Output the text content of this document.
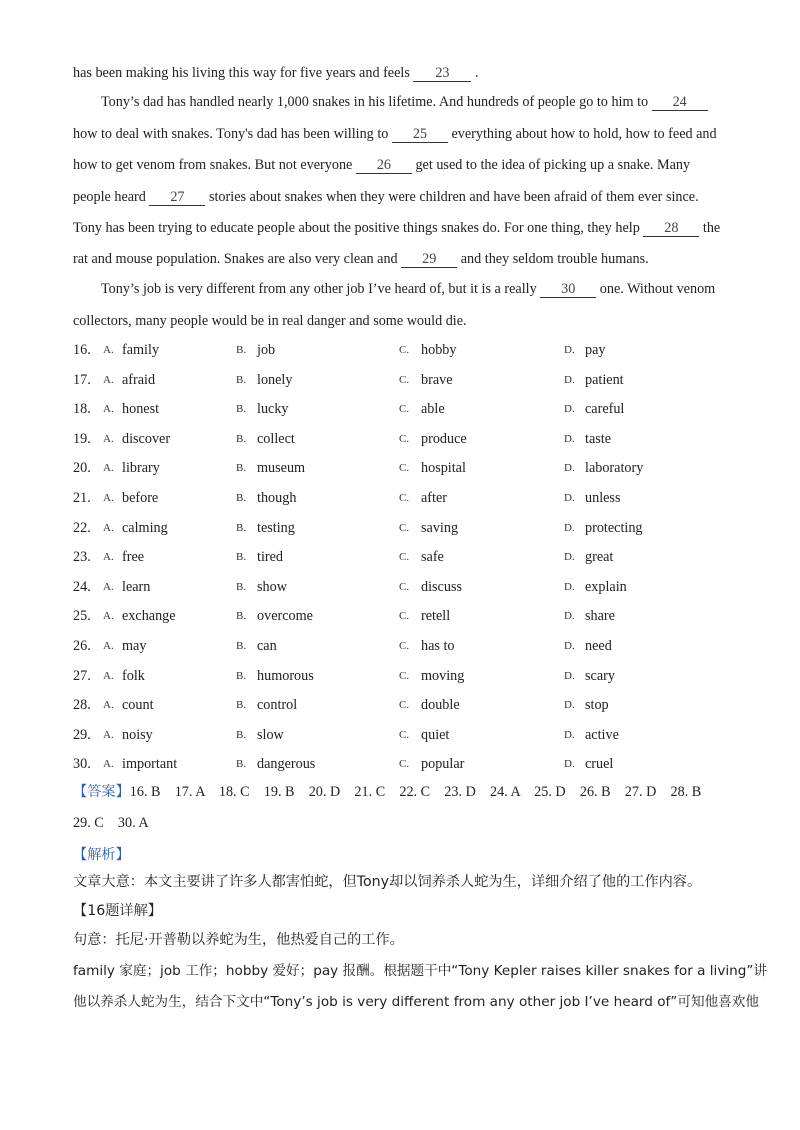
has been making his living this way for five years and feels 23 .
Tony’s dad has handled nearly 1,000 snakes in his lifetime. And hundreds of people go to him to 24
how to deal with snakes. Tony's dad has been willing to 25 everything about how to hold, how to feed and
how to get venom from snakes. But not everyone 26 get used to the idea of picking up a snake. Many
people heard 27 stories about snakes when they were children and have been afraid of them ever since.
Tony has been trying to educate people about the positive things snakes do. For one thing, they help 28 the
rat and mouse population. Snakes are also very clean and 29 and they seldom trouble humans.
Tony’s job is very different from any other job I’ve heard of, but it is a really 30 one. Without venom
collectors, many people would be in real danger and some would die.
16. A. family	B. job	C. hobby	D. pay
17. A. afraid	B. lonely	C. brave	D. patient
18. A. honest	B. lucky	C. able	D. careful
19. A. discover	B. collect	C. produce	D. taste
20. A. library	B. museum	C. hospital	D. laboratory
21. A. before	B. though	C. after	D. unless
22. A. calming	B. testing	C. saving	D. protecting
23. A. free	B. tired	C. safe	D. great
24. A. learn	B. show	C. discuss	D. explain
25. A. exchange	B. overcome	C. retell	D. share
26. A. may	B. can	C. has to	D. need
27. A. folk	B. humorous	C. moving	D. scary
28. A. count	B. control	C. double	D. stop
29. A. noisy	B. slow	C. quiet	D. active
30. A. important	B. dangerous	C. popular	D. cruel
【答案】16. B    17. A    18. C    19. B    20. D    21. C    22. C    23. D    24. A    25. D    26. B    27. D    28. B
29. C    30. A
【解析】
文章大意：本文主要讲了许多人都害怕蛇，但Tony却以饲养杀人蛇为生，详细介绍了他的工作内容。
【16题详解】
句意：托尼·开普勒以养蛇为生，他热爱自己的工作。
family 家庭；job 工作；hobby 爱好；pay 报酬。根据题干中“Tony Kepler raises killer snakes for a living”讲
他以养杀人蛇为生，结合下文中“Tony’s job is very different from any other job I’ve heard of”可知他喜欢他
